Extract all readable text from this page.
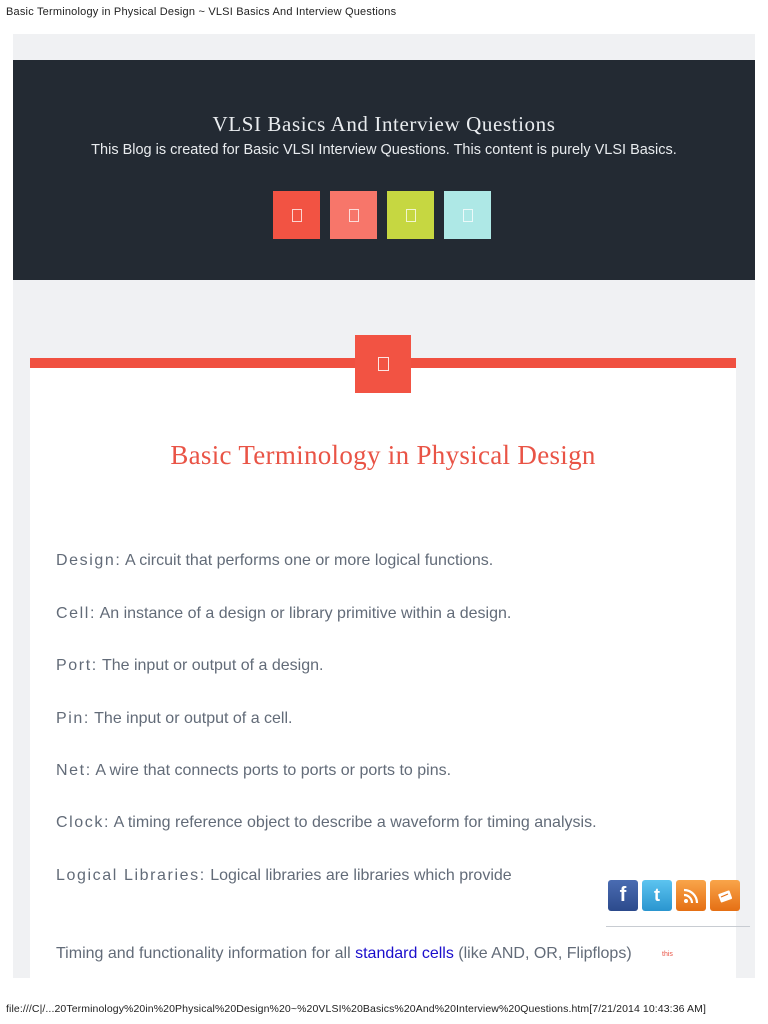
Basic Terminology in Physical Design ~ VLSI Basics And Interview Questions
VLSI Basics And Interview Questions
This Blog is created for Basic VLSI Interview Questions. This content is purely VLSI Basics.
Basic Terminology in Physical Design
Design: A circuit that performs one or more logical functions.
Cell: An instance of a design or library primitive within a design.
Port: The input or output of a design.
Pin: The input or output of a cell.
Net: A wire that connects ports to ports or ports to pins.
Clock: A timing reference object to describe a waveform for timing analysis.
Logical Libraries: Logical libraries are libraries which provide
Timing and functionality information for all standard cells (like AND, OR, Flipflops)
f	t
this
file:///C|/...20Terminology%20in%20Physical%20Design%20~%20VLSI%20Basics%20And%20Interview%20Questions.htm[7/21/2014 10:43:36 AM]
